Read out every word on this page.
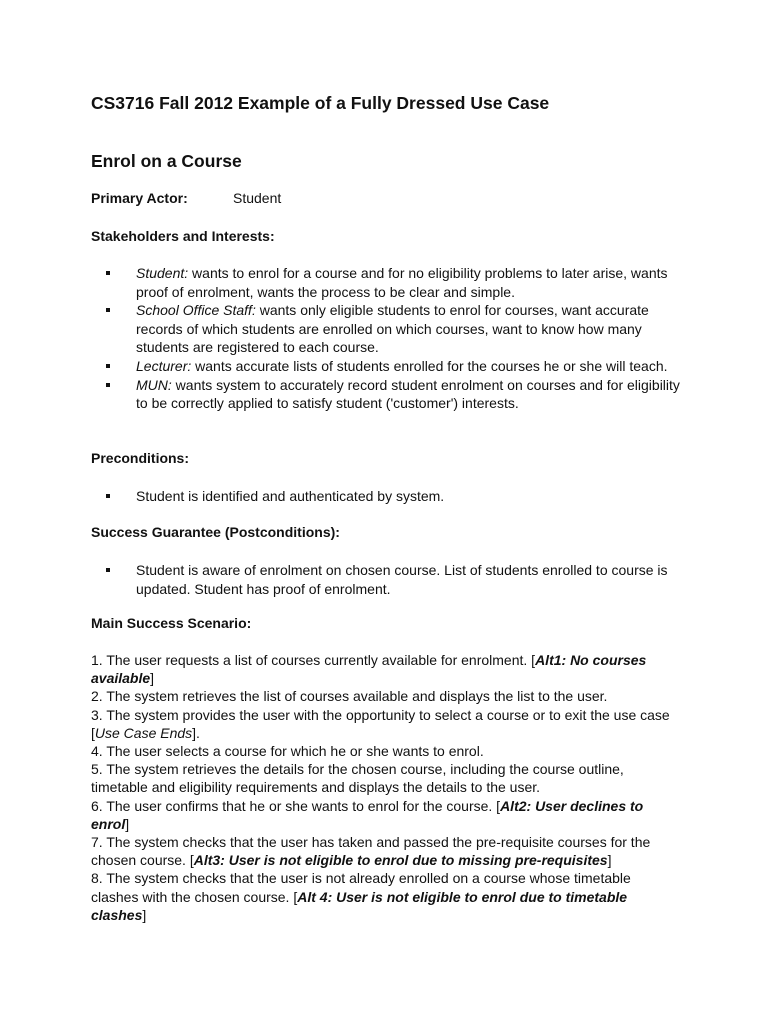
CS3716 Fall 2012 Example of a Fully Dressed Use Case
Enrol on a Course
Primary Actor:	Student
Stakeholders and Interests:
Student: wants to enrol for a course and for no eligibility problems to later arise, wants proof of enrolment, wants the process to be clear and simple.
School Office Staff: wants only eligible students to enrol for courses, want accurate records of which students are enrolled on which courses, want to know how many students are registered to each course.
Lecturer: wants accurate lists of students enrolled for the courses he or she will teach.
MUN: wants system to accurately record student enrolment on courses and for eligibility to be correctly applied to satisfy student ('customer') interests.
Preconditions:
Student is identified and authenticated by system.
Success Guarantee (Postconditions):
Student is aware of enrolment on chosen course. List of students enrolled to course is updated. Student has proof of enrolment.
Main Success Scenario:

1. The user requests a list of courses currently available for enrolment. [Alt1: No courses available]

2. The system retrieves the list of courses available and displays the list to the user.

3. The system provides the user with the opportunity to select a course or to exit the use case [Use Case Ends].

4. The user selects a course for which he or she wants to enrol.

5. The system retrieves the details for the chosen course, including the course outline, timetable and eligibility requirements and displays the details to the user.

6. The user confirms that he or she wants to enrol for the course. [Alt2: User declines to enrol]

7. The system checks that the user has taken and passed the pre-requisite courses for the chosen course. [Alt3: User is not eligible to enrol due to missing pre-requisites]

8. The system checks that the user is not already enrolled on a course whose timetable clashes with the chosen course. [Alt 4: User is not eligible to enrol due to timetable clashes]
